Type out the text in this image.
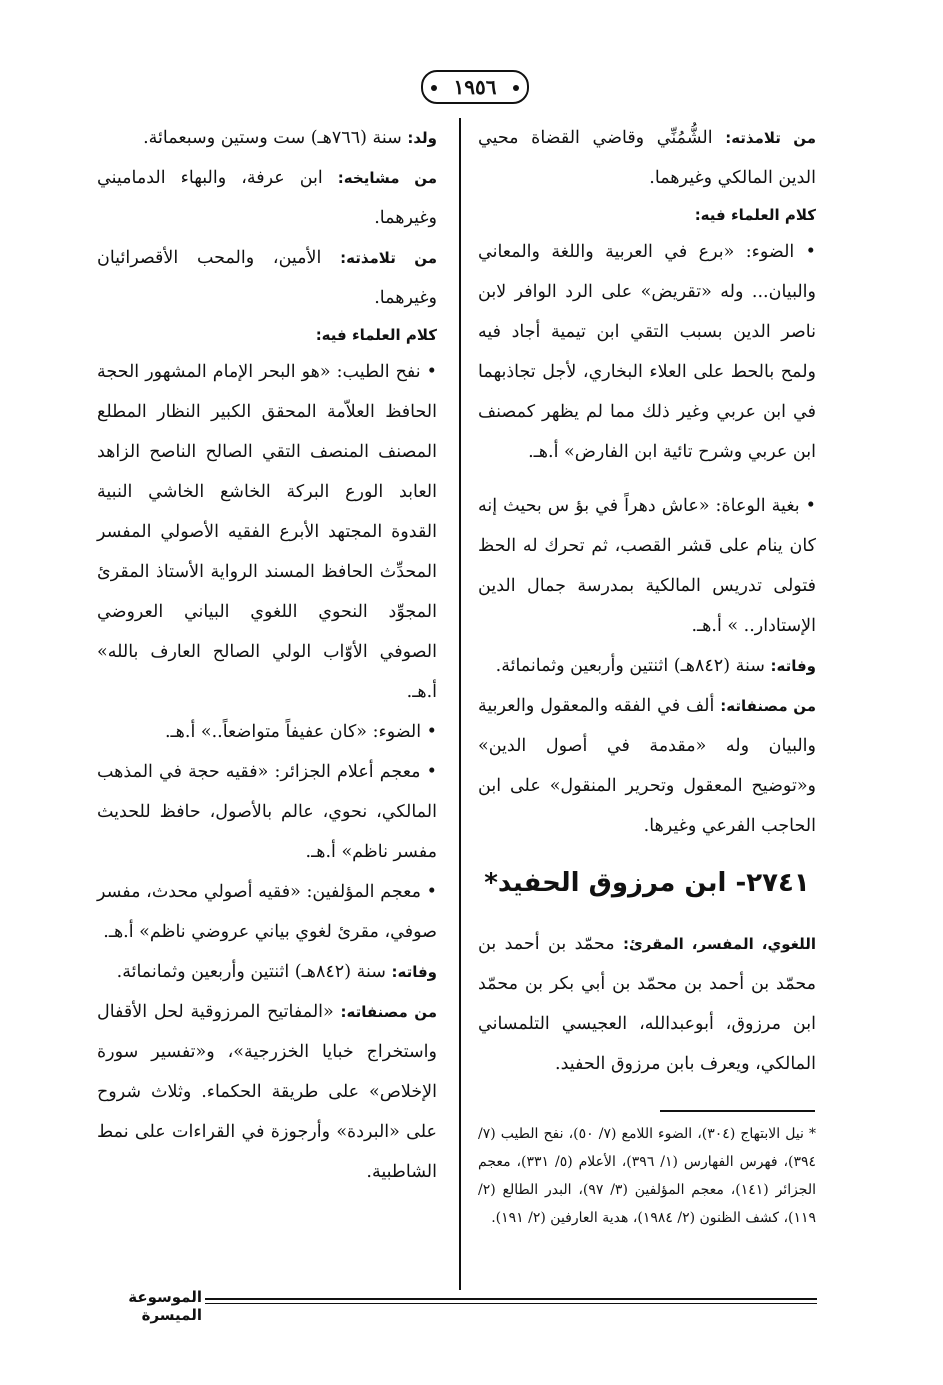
١٩٥٦

من تلامذته: الشُّمُنِّي وقاضي القضاة محيي الدين المالكي وغيرهما.

كلام العلماء فيه:

• الضوء: «برع في العربية واللغة والمعاني والبيان... وله «تقريض» على الرد الوافر لابن ناصر الدين بسبب التقي ابن تيمية أجاد فيه ولمح بالحط على العلاء البخاري، لأجل تجاذبهما في ابن عربي وغير ذلك مما لم يظهر كمصنف ابن عربي وشرح تائية ابن الفارض» أ.هـ.

• بغية الوعاة: «عاش دهراً في بؤ س بحيث إنه كان ينام على قشر القصب، ثم تحرك له الحظ فتولى تدريس المالكية بمدرسة جمال الدين الإستادار.. » أ.هـ.

وفاته: سنة (٨٤٢هـ) اثنتين وأربعين وثمانمائة.

من مصنفاته: ألف في الفقه والمعقول والعربية والبيان وله «مقدمة في أصول الدين» و«توضيح المعقول وتحرير المنقول» على ابن الحاجب الفرعي وغيرها.

٢٧٤١- ابن مرزوق الحفيد*

اللغوي، المفسر، المقرئ: محمّد بن أحمد بن محمّد بن أحمد بن محمّد بن أبي بكر بن محمّد ابن مرزوق، أبوعبدالله، العجيسي التلمساني المالكي، ويعرف بابن مرزوق الحفيد.

ولد: سنة (٧٦٦هـ) ست وستين وسبعمائة.

من مشايخه: ابن عرفة، والبهاء الدماميني وغيرهما.

من تلامذته: الأمين، والمحب الأقصرائيان وغيرهما.

كلام العلماء فيه:

• نفح الطيب: «هو البحر الإمام المشهور الحجة الحافظ العلاّمة المحقق الكبير النظار المطلع المصنف المنصف التقي الصالح الناصح الزاهد العابد الورع البركة الخاشع الخاشي النبية القدوة المجتهد الأبرع الفقيه الأصولي المفسر المحدِّث الحافظ المسند الرواية الأستاذ المقرئ المجوِّد النحوي اللغوي البياني العروضي الصوفي الأوّاب الولي الصالح العارف بالله» أ.هـ.

• الضوء: «كان عفيفاً متواضعاً..» أ.هـ.

• معجم أعلام الجزائر: «فقيه حجة في المذهب المالكي، نحوي، عالم بالأصول، حافظ للحديث مفسر ناظم» أ.هـ.

• معجم المؤلفين: «فقيه أصولي محدث، مفسر صوفي، مقرئ لغوي بياني عروضي ناظم» أ.هـ.

وفاته: سنة (٨٤٢هـ) اثنتين وأربعين وثمانمائة.

من مصنفاته: «المفاتيح المرزوقية لحل الأقفال واستخراج خبايا الخزرجية»، و«تفسير سورة الإخلاص» على طريقة الحكماء. وثلاث شروح على «البردة» وأرجوزة في القراءات على نمط الشاطبية.

* نيل الابتهاج (٣٠٤)، الضوء اللامع (٧/ ٥٠)، نفح الطيب (٧/ ٣٩٤)، فهرس الفهارس (١/ ٣٩٦)، الأعلام (٥/ ٣٣١)، معجم الجزائر (١٤١)، معجم المؤلفين (٣/ ٩٧)، البدر الطالع (٢/ ١١٩)، كشف الظنون (٢/ ١٩٨٤)، هدية العارفين (٢/ ١٩١).
الموسوعة الميسرة
